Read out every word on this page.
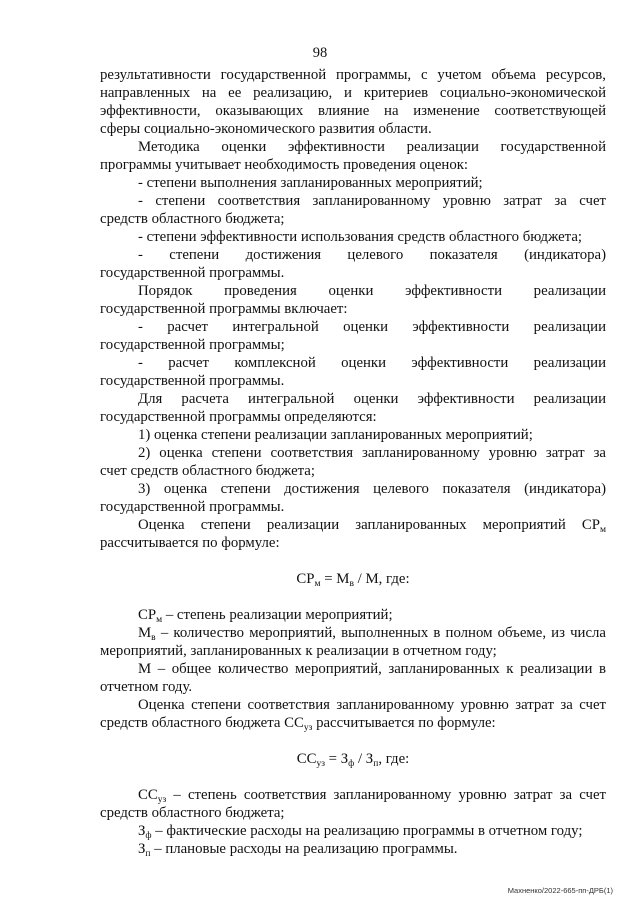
98

результативности государственной программы, с учетом объема ресурсов,

направленных на ее реализацию, и критериев социально-экономической

эффективности, оказывающих влияние на изменение соответствующей

сферы социально-экономического развития области.

Методика оценки эффективности реализации государственной

программы учитывает необходимость проведения оценок:

- степени выполнения запланированных мероприятий;

- степени соответствия запланированному уровню затрат за счет

средств областного бюджета;

- степени эффективности использования средств областного бюджета;

- степени достижения целевого показателя (индикатора)

государственной программы.

Порядок проведения оценки эффективности реализации

государственной программы включает:

- расчет интегральной оценки эффективности реализации

государственной программы;

- расчет комплексной оценки эффективности реализации

государственной программы.

Для расчета интегральной оценки эффективности реализации

государственной программы определяются:

1) оценка степени реализации запланированных мероприятий;

2) оценка степени соответствия запланированному уровню затрат за

счет средств областного бюджета;

3) оценка степени достижения целевого показателя (индикатора)

государственной программы.

Оценка степени реализации запланированных мероприятий $СР_м$

рассчитывается по формуле:

$СР_м = М_в / М$, где:

$СР_м$ – степень реализации мероприятий;

$М_в$ – количество мероприятий, выполненных в полном объеме, из числа

мероприятий, запланированных к реализации в отчетном году;

М – общее количество мероприятий, запланированных к реализации в

отчетном году.

Оценка степени соответствия запланированному уровню затрат за счет

средств областного бюджета $СС_{уз}$ рассчитывается по формуле:

$СС_{уз} = З_ф / З_п$, где:

$СС_{уз}$ – степень соответствия запланированному уровню затрат за счет

средств областного бюджета;

$З_ф$ – фактические расходы на реализацию программы в отчетном году;

$З_п$ – плановые расходы на реализацию программы.

Махненко/2022-665-пп-ДРБ(1)
